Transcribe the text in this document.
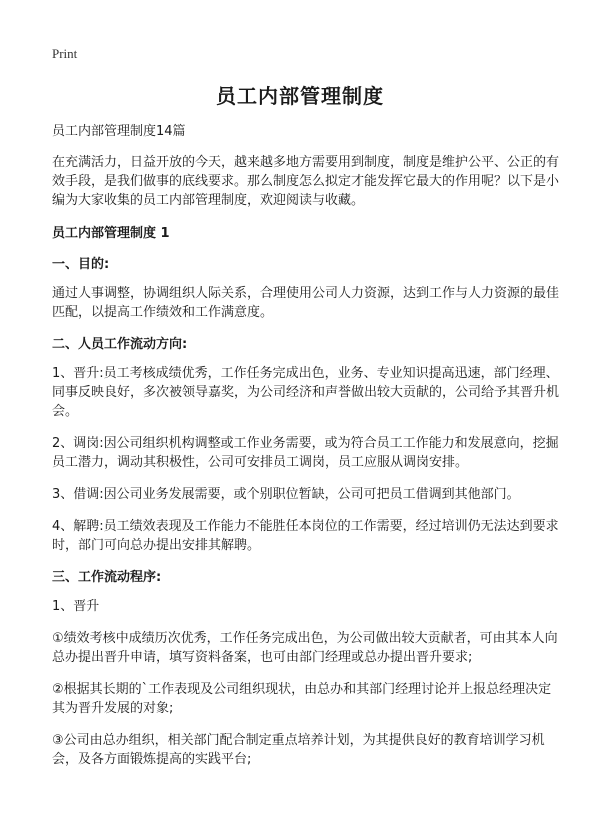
Print
员工内部管理制度

员工内部管理制度14篇

在充满活力，日益开放的今天，越来越多地方需要用到制度，制度是维护公平、公正的有效手段，是我们做事的底线要求。那么制度怎么拟定才能发挥它最大的作用呢？以下是小编为大家收集的员工内部管理制度，欢迎阅读与收藏。

员工内部管理制度 1

一、目的:

通过人事调整，协调组织人际关系，合理使用公司人力资源，达到工作与人力资源的最佳匹配，以提高工作绩效和工作满意度。

二、人员工作流动方向:

1、晋升:员工考核成绩优秀，工作任务完成出色，业务、专业知识提高迅速，部门经理、同事反映良好，多次被领导嘉奖，为公司经济和声誉做出较大贡献的，公司给予其晋升机会。

2、调岗:因公司组织机构调整或工作业务需要，或为符合员工工作能力和发展意向，挖掘员工潜力，调动其积极性，公司可安排员工调岗，员工应服从调岗安排。

3、借调:因公司业务发展需要，或个别职位暂缺，公司可把员工借调到其他部门。

4、解聘:员工绩效表现及工作能力不能胜任本岗位的工作需要，经过培训仍无法达到要求时，部门可向总办提出安排其解聘。

三、工作流动程序:

1、晋升

①绩效考核中成绩历次优秀，工作任务完成出色，为公司做出较大贡献者，可由其本人向总办提出晋升申请，填写资料备案，也可由部门经理或总办提出晋升要求;

②根据其长期的`工作表现及公司组织现状，由总办和其部门经理讨论并上报总经理决定其为晋升发展的对象;

③公司由总办组织，相关部门配合制定重点培养计划，为其提供良好的教育培训学习机会，及各方面锻炼提高的实践平台;
